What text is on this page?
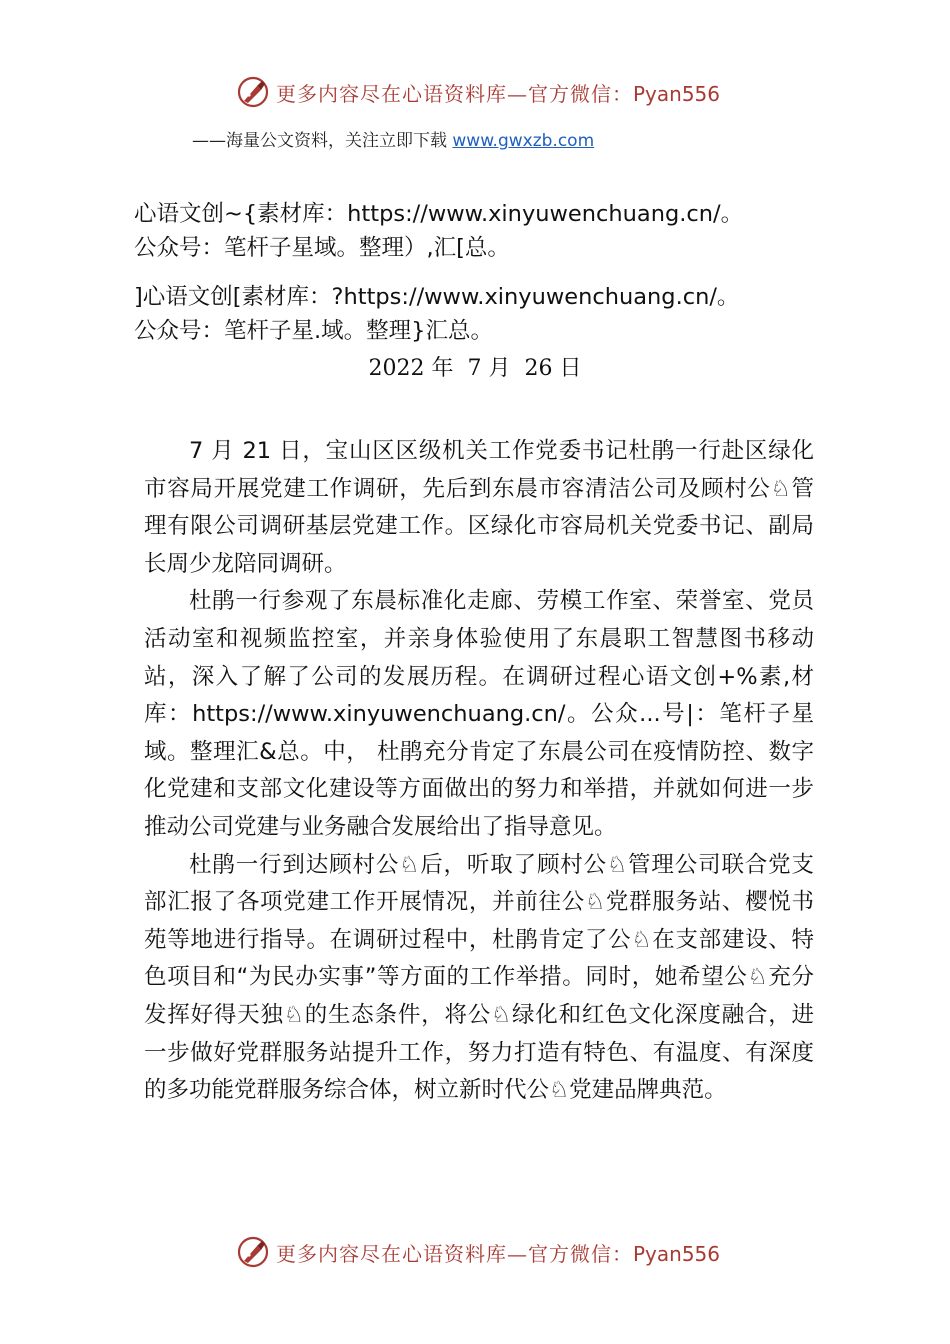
更多内容尽在心语资料库—官方微信：Pyan556
——海量公文资料，关注立即下载 www.gwxzb.com
心语文创~{素材库：https://www.xinyuwenchuang.cn/。
公众号：笔杆子星域。整理）,汇[总。
]心语文创[素材库：?https://www.xinyuwenchuang.cn/。
公众号：笔杆子星.域。整理}汇总。
2022 年  7 月  26 日

7 月 21 日，宝山区区级机关工作党委书记杜鹃一行赴区绿化市容局开展党建工作调研，先后到东晨市容清洁公司及顾村公♘管理有限公司调研基层党建工作。区绿化市容局机关党委书记、副局长周少龙陪同调研。

杜鹃一行参观了东晨标准化走廊、劳模工作室、荣誉室、党员活动室和视频监控室，并亲身体验使用了东晨职工智慧图书移动站，深入了解了公司的发展历程。在调研过程心语文创+%素,材库：https://www.xinyuwenchuang.cn/。公众...号|：笔杆子星域。整理汇&总。中， 杜鹃充分肯定了东晨公司在疫情防控、数字化党建和支部文化建设等方面做出的努力和举措，并就如何进一步推动公司党建与业务融合发展给出了指导意见。

杜鹃一行到达顾村公♘后，听取了顾村公♘管理公司联合党支部汇报了各项党建工作开展情况，并前往公♘党群服务站、樱悦书苑等地进行指导。在调研过程中，杜鹃肯定了公♘在支部建设、特色项目和“为民办实事”等方面的工作举措。同时，她希望公♘充分发挥好得天独♘的生态条件，将公♘绿化和红色文化深度融合，进一步做好党群服务站提升工作，努力打造有特色、有温度、有深度的多功能党群服务综合体，树立新时代公♘党建品牌典范。

更多内容尽在心语资料库—官方微信：Pyan556
